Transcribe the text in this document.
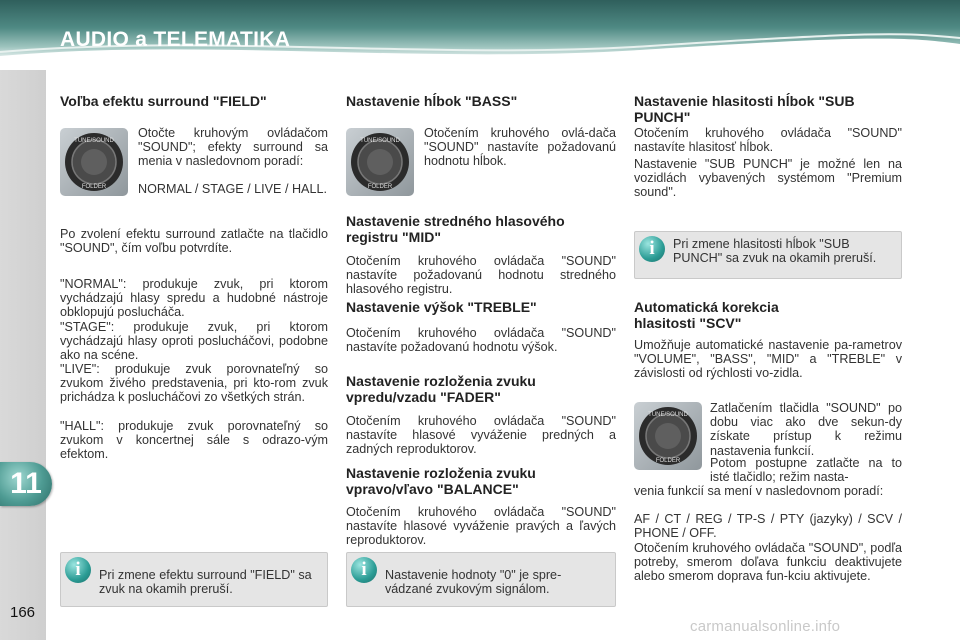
AUDIO a TELEMATIKA
11
166
Voľba efektu surround "FIELD"
TUNE/SOUND
FOLDER

Otočte kruhovým ovládačom "SOUND"; efekty surround sa menia v nasledovnom poradí:

NORMAL / STAGE / LIVE / HALL.

Po zvolení efektu surround zatlačte na tlačidlo "SOUND", čím voľbu potvrdíte.

"NORMAL": produkuje zvuk, pri ktorom vychádzajú hlasy spredu a hudobné nástroje obklopujú poslucháča.

"STAGE": produkuje zvuk, pri ktorom vychádzajú hlasy oproti poslucháčovi, podobne ako na scéne.

"LIVE": produkuje zvuk porovnateľný so zvukom živého predstavenia, pri kto-rom zvuk prichádza k poslucháčovi zo všetkých strán.

"HALL": produkuje zvuk porovnateľný so zvukom v koncertnej sále s odrazo-vým efektom.

i	Pri zmene efektu surround "FIELD" sa zvuk na okamih preruší.
Nastavenie hĺbok "BASS"
TUNE/SOUND
FOLDER

Otočením kruhového ovlá-dača "SOUND" nastavíte požadovanú hodnotu hĺbok.

Nastavenie stredného hlasového registru "MID"

Otočením kruhového ovládača "SOUND" nastavíte požadovanú hodnotu stredného hlasového registru.

Nastavenie výšok "TREBLE"

Otočením kruhového ovládača "SOUND" nastavíte požadovanú hodnotu výšok.

Nastavenie rozloženia zvuku vpredu/vzadu "FADER"

Otočením kruhového ovládača "SOUND" nastavíte hlasové vyváženie predných a zadných reproduktorov.

Nastavenie rozloženia zvuku vpravo/vľavo "BALANCE"

Otočením kruhového ovládača "SOUND" nastavíte hlasové vyváženie pravých a ľavých reproduktorov.

i	Nastavenie hodnoty "0" je spre-vádzané zvukovým signálom.
Nastavenie hlasitosti hĺbok "SUB PUNCH"

Otočením kruhového ovládača "SOUND" nastavíte hlasitosť hĺbok.

Nastavenie "SUB PUNCH" je možné len na vozidlách vybavených systémom "Premium sound".

Automatická korekcia hlasitosti "SCV"

Umožňuje automatické nastavenie pa-rametrov "VOLUME", "BASS", "MID" a "TREBLE" v závislosti od rýchlosti vo-zidla.

TUNE/SOUND
FOLDER

Zatlačením tlačidla "SOUND" po dobu viac ako dve sekun-dy získate prístup k režimu nastavenia funkcií.

Potom postupne zatlačte na to isté tlačidlo; režim nasta-

venia funkcií sa mení v nasledovnom poradí:

AF / CT / REG / TP-S / PTY (jazyky) / SCV / PHONE / OFF.

Otočením kruhového ovládača "SOUND", podľa potreby, smerom doľava funkciu deaktivujete alebo smerom doprava fun-kciu aktivujete.

i	Pri zmene hlasitosti hĺbok "SUB PUNCH" sa zvuk na okamih preruší.
carmanualsonline.info
